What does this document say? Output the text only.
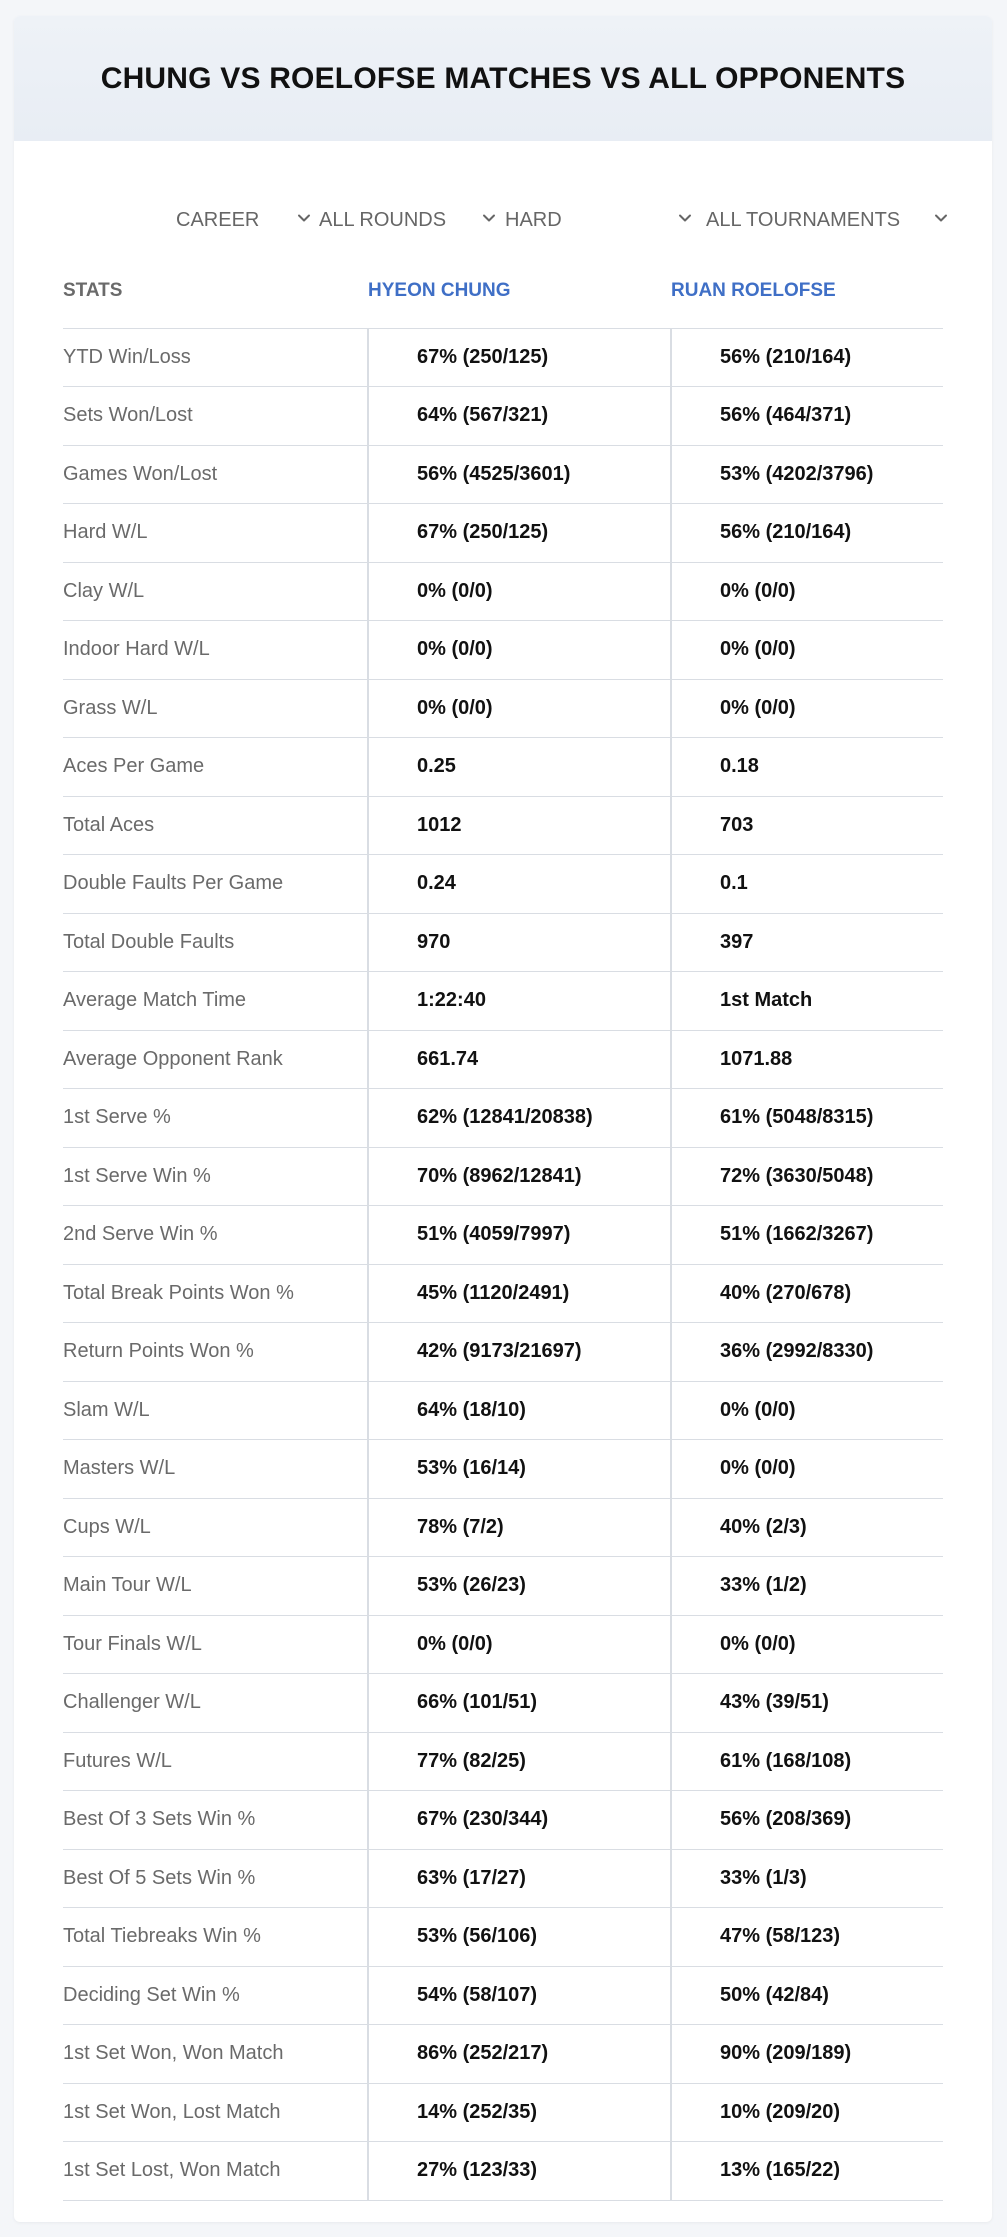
CHUNG VS ROELOFSE MATCHES VS ALL OPPONENTS
CAREER	ALL ROUNDS	HARD	ALL TOURNAMENTS
STATS	HYEON CHUNG	RUAN ROELOFSE
YTD Win/Loss	67% (250/125)	56% (210/164)
Sets Won/Lost	64% (567/321)	56% (464/371)
Games Won/Lost	56% (4525/3601)	53% (4202/3796)
Hard W/L	67% (250/125)	56% (210/164)
Clay W/L	0% (0/0)	0% (0/0)
Indoor Hard W/L	0% (0/0)	0% (0/0)
Grass W/L	0% (0/0)	0% (0/0)
Aces Per Game	0.25	0.18
Total Aces	1012	703
Double Faults Per Game	0.24	0.1
Total Double Faults	970	397
Average Match Time	1:22:40	1st Match
Average Opponent Rank	661.74	1071.88
1st Serve %	62% (12841/20838)	61% (5048/8315)
1st Serve Win %	70% (8962/12841)	72% (3630/5048)
2nd Serve Win %	51% (4059/7997)	51% (1662/3267)
Total Break Points Won %	45% (1120/2491)	40% (270/678)
Return Points Won %	42% (9173/21697)	36% (2992/8330)
Slam W/L	64% (18/10)	0% (0/0)
Masters W/L	53% (16/14)	0% (0/0)
Cups W/L	78% (7/2)	40% (2/3)
Main Tour W/L	53% (26/23)	33% (1/2)
Tour Finals W/L	0% (0/0)	0% (0/0)
Challenger W/L	66% (101/51)	43% (39/51)
Futures W/L	77% (82/25)	61% (168/108)
Best Of 3 Sets Win %	67% (230/344)	56% (208/369)
Best Of 5 Sets Win %	63% (17/27)	33% (1/3)
Total Tiebreaks Win %	53% (56/106)	47% (58/123)
Deciding Set Win %	54% (58/107)	50% (42/84)
1st Set Won, Won Match	86% (252/217)	90% (209/189)
1st Set Won, Lost Match	14% (252/35)	10% (209/20)
1st Set Lost, Won Match	27% (123/33)	13% (165/22)
